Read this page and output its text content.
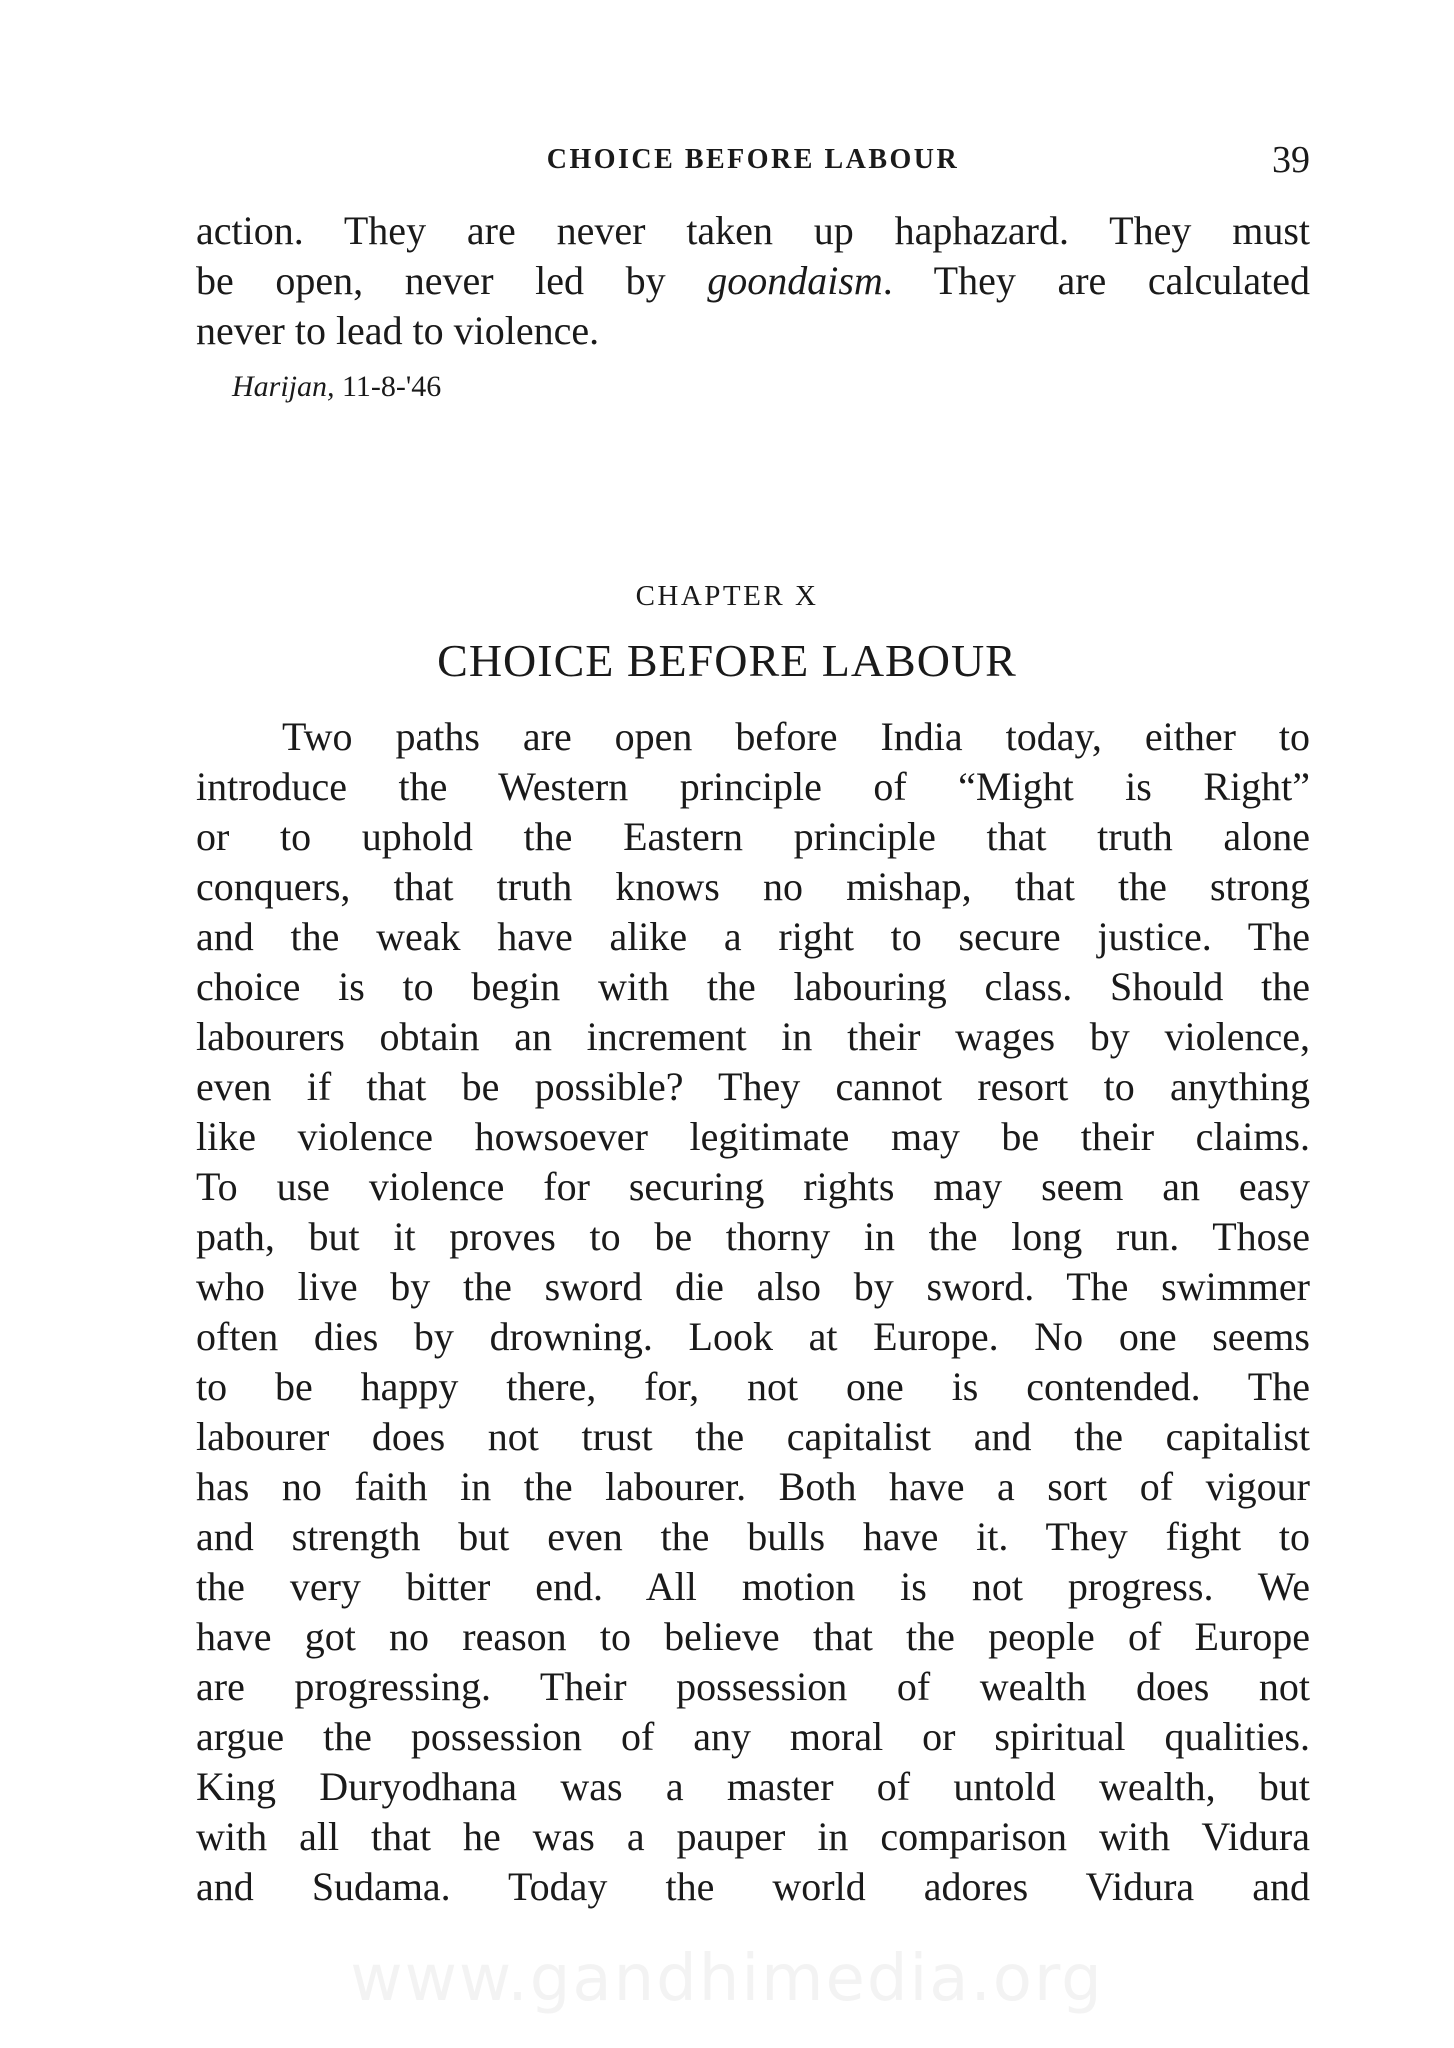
CHOICE BEFORE LABOUR	39
action. They are never taken up haphazard. They must
be open, never led by goondaism. They are calculated
never to lead to violence.
Harijan, 11-8-'46
CHAPTER X
CHOICE BEFORE LABOUR
Two paths are open before India today, either to
introduce the Western principle of “Might is Right”
or to uphold the Eastern principle that truth alone
conquers, that truth knows no mishap, that the strong
and the weak have alike a right to secure justice. The
choice is to begin with the labouring class. Should the
labourers obtain an increment in their wages by violence,
even if that be possible? They cannot resort to anything
like violence howsoever legitimate may be their claims.
To use violence for securing rights may seem an easy
path, but it proves to be thorny in the long run. Those
who live by the sword die also by sword. The swimmer
often dies by drowning. Look at Europe. No one seems
to be happy there, for, not one is contended. The
labourer does not trust the capitalist and the capitalist
has no faith in the labourer. Both have a sort of vigour
and strength but even the bulls have it. They fight to
the very bitter end. All motion is not progress. We
have got no reason to believe that the people of Europe
are progressing. Their possession of wealth does not
argue the possession of any moral or spiritual qualities.
King Duryodhana was a master of untold wealth, but
with all that he was a pauper in comparison with Vidura
and Sudama. Today the world adores Vidura and
www.gandhimedia.org
